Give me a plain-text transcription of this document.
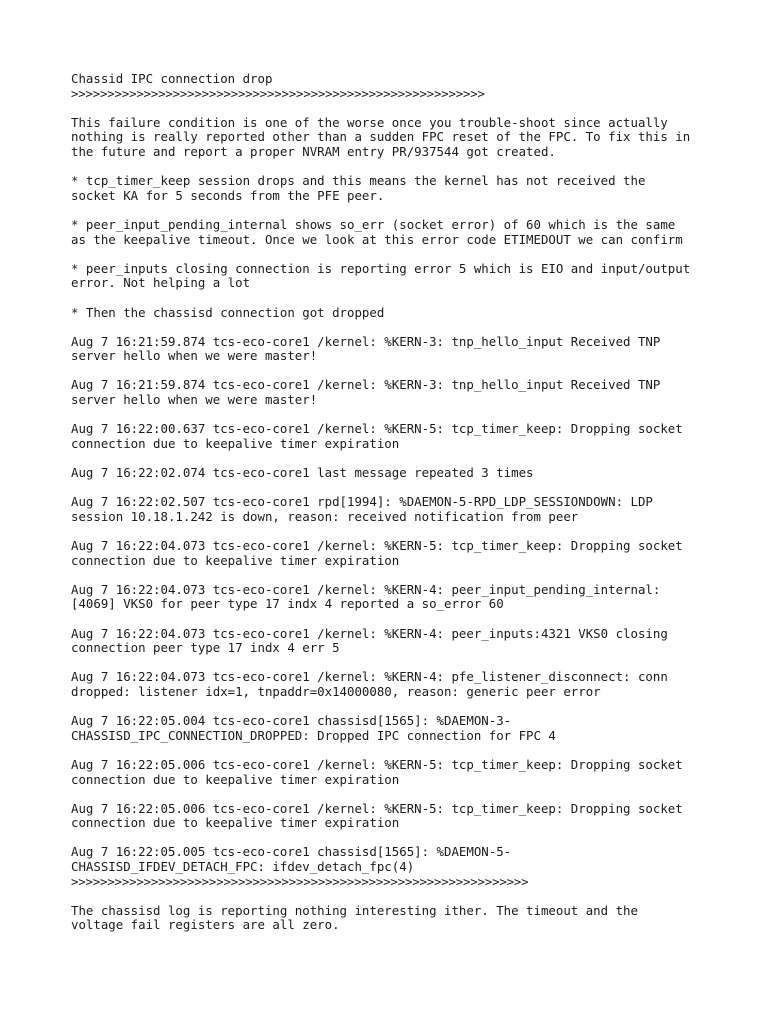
Chassid IPC connection drop
>>>>>>>>>>>>>>>>>>>>>>>>>>>>>>>>>>>>>>>>>>>>>>>>>>>>>>>>>
This failure condition is one of the worse once you trouble-shoot since actually
nothing is really reported other than a sudden FPC reset of the FPC. To fix this in
the future and report a proper NVRAM entry PR/937544 got created.
* tcp_timer_keep session drops and this means the kernel has not received the
socket KA for 5 seconds from the PFE peer.
* peer_input_pending_internal shows so_err (socket error) of 60 which is the same
as the keepalive timeout. Once we look at this error code ETIMEDOUT we can confirm
* peer_inputs closing connection is reporting error 5 which is EIO and input/output
error. Not helping a lot
* Then the chassisd connection got dropped
Aug 7 16:21:59.874 tcs-eco-core1 /kernel: %KERN-3: tnp_hello_input Received TNP
server hello when we were master!
Aug 7 16:21:59.874 tcs-eco-core1 /kernel: %KERN-3: tnp_hello_input Received TNP
server hello when we were master!
Aug 7 16:22:00.637 tcs-eco-core1 /kernel: %KERN-5: tcp_timer_keep: Dropping socket
connection due to keepalive timer expiration
Aug 7 16:22:02.074 tcs-eco-core1 last message repeated 3 times
Aug 7 16:22:02.507 tcs-eco-core1 rpd[1994]: %DAEMON-5-RPD_LDP_SESSIONDOWN: LDP
session 10.18.1.242 is down, reason: received notification from peer
Aug 7 16:22:04.073 tcs-eco-core1 /kernel: %KERN-5: tcp_timer_keep: Dropping socket
connection due to keepalive timer expiration
Aug 7 16:22:04.073 tcs-eco-core1 /kernel: %KERN-4: peer_input_pending_internal:
[4069] VKS0 for peer type 17 indx 4 reported a so_error 60
Aug 7 16:22:04.073 tcs-eco-core1 /kernel: %KERN-4: peer_inputs:4321 VKS0 closing
connection peer type 17 indx 4 err 5
Aug 7 16:22:04.073 tcs-eco-core1 /kernel: %KERN-4: pfe_listener_disconnect: conn
dropped: listener idx=1, tnpaddr=0x14000080, reason: generic peer error
Aug 7 16:22:05.004 tcs-eco-core1 chassisd[1565]: %DAEMON-3-
CHASSISD_IPC_CONNECTION_DROPPED: Dropped IPC connection for FPC 4
Aug 7 16:22:05.006 tcs-eco-core1 /kernel: %KERN-5: tcp_timer_keep: Dropping socket
connection due to keepalive timer expiration
Aug 7 16:22:05.006 tcs-eco-core1 /kernel: %KERN-5: tcp_timer_keep: Dropping socket
connection due to keepalive timer expiration
Aug 7 16:22:05.005 tcs-eco-core1 chassisd[1565]: %DAEMON-5-
CHASSISD_IFDEV_DETACH_FPC: ifdev_detach_fpc(4)
>>>>>>>>>>>>>>>>>>>>>>>>>>>>>>>>>>>>>>>>>>>>>>>>>>>>>>>>>>>>>>>
The chassisd log is reporting nothing interesting ither. The timeout and the
voltage fail registers are all zero.
